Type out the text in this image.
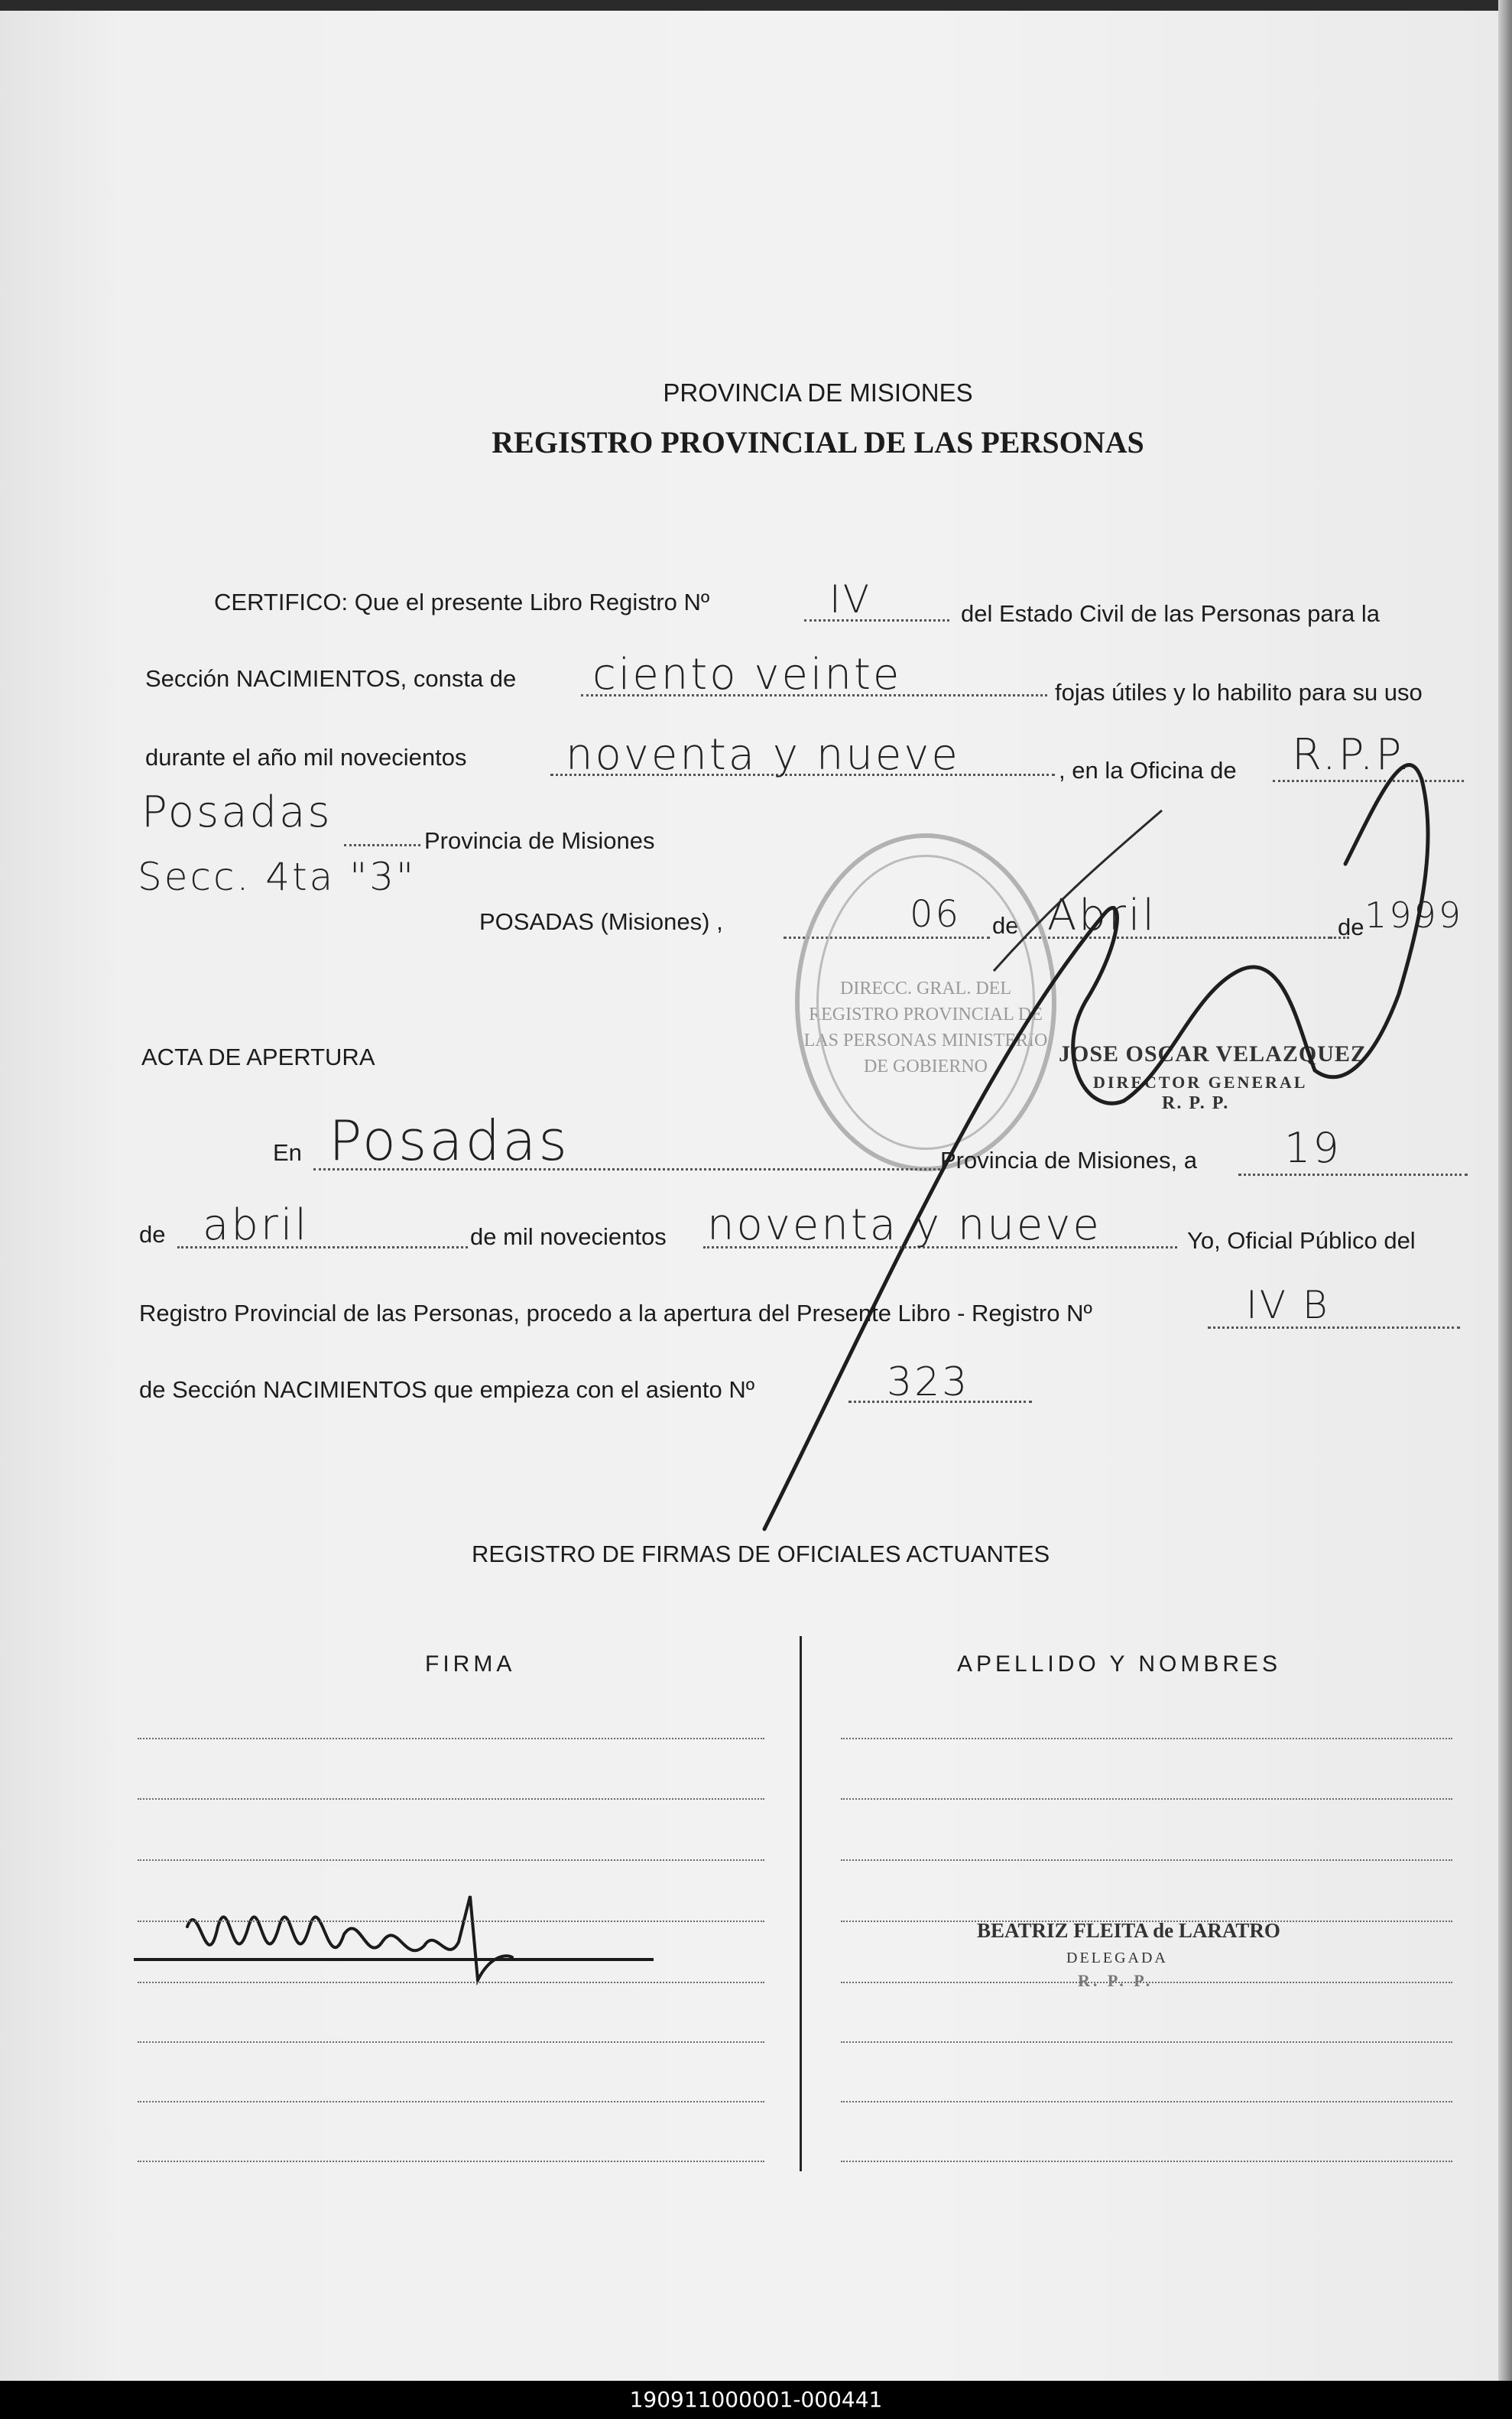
PROVINCIA DE MISIONES
REGISTRO PROVINCIAL DE LAS PERSONAS
CERTIFICO: Que el presente Libro Registro Nº	IV	del Estado Civil de las Personas para la
Sección NACIMIENTOS, consta de ciento veinte	fojas útiles y lo habilito para su uso
durante el año mil novecientos noventa y nueve	, en la Oficina de R.P.P.
Posadas
Provincia de Misiones
Secc. 4ta "3"
POSADAS (Misiones) ,	06 de Abril	de 1999
DIRECC. GRAL. DEL REGISTRO PROVINCIAL DE LAS PERSONAS MINISTERIO DE GOBIERNO	JOSE OSCAR VELAZQUEZ
DIRECTOR GENERAL
R. P. P.
ACTA DE APERTURA
En Posadas	Provincia de Misiones, a 19
de abril	de mil novecientos noventa y nueve	Yo, Oficial Público del
Registro Provincial de las Personas, procedo a la apertura del Presente Libro - Registro Nº	IV B
de Sección NACIMIENTOS que empieza con el asiento Nº	323
REGISTRO DE FIRMAS DE OFICIALES ACTUANTES
FIRMA	APELLIDO Y NOMBRES
BEATRIZ FLEITA de LARATRO
DELEGADA
R. P. P.
190911000001-000441
